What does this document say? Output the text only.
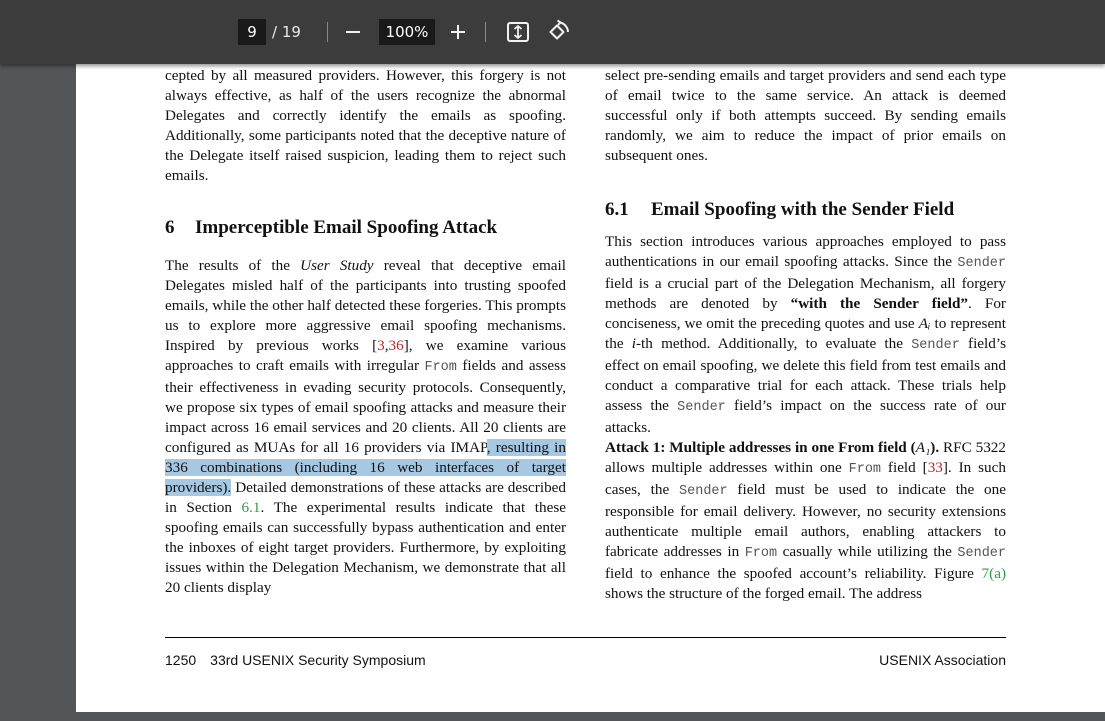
9	/ 19	100%

cepted by all measured providers. However, this forgery is not always effective, as half of the users recognize the abnormal Delegates and correctly identify the emails as spoofing. Additionally, some participants noted that the deceptive nature of the Delegate itself raised suspicion, leading them to reject such emails.

6 Imperceptible Email Spoofing Attack

The results of the User Study reveal that deceptive email Delegates misled half of the participants into trusting spoofed emails, while the other half detected these forgeries. This prompts us to explore more aggressive email spoofing mechanisms. Inspired by previous works [3,36], we examine various approaches to craft emails with irregular From fields and assess their effectiveness in evading security protocols. Consequently, we propose six types of email spoofing attacks and measure their impact across 16 email services and 20 clients. All 20 clients are configured as MUAs for all 16 providers via IMAP, resulting in 336 combinations (including 16 web interfaces of target providers). Detailed demonstrations of these attacks are described in Section 6.1. The experimental results indicate that these spoofing emails can successfully bypass authentication and enter the inboxes of eight target providers. Furthermore, by exploiting issues within the Delegation Mechanism, we demonstrate that all 20 clients display

select pre-sending emails and target providers and send each type of email twice to the same service. An attack is deemed successful only if both attempts succeed. By sending emails randomly, we aim to reduce the impact of prior emails on subsequent ones.

6.1 Email Spoofing with the Sender Field

This section introduces various approaches employed to pass authentications in our email spoofing attacks. Since the Sender field is a crucial part of the Delegation Mechanism, all forgery methods are denoted by “with the Sender field”. For conciseness, we omit the preceding quotes and use Aᵢ to represent the i-th method. Additionally, to evaluate the Sender field’s effect on email spoofing, we delete this field from test emails and conduct a comparative trial for each attack. These trials help assess the Sender field’s impact on the success rate of our attacks.

Attack 1: Multiple addresses in one From field (A₁). RFC 5322 allows multiple addresses within one From field [33]. In such cases, the Sender field must be used to indicate the one responsible for email delivery. However, no security extensions authenticate multiple email authors, enabling attackers to fabricate addresses in From casually while utilizing the Sender field to enhance the spoofed account’s reliability. Figure 7(a) shows the structure of the forged email. The address

1250 33rd USENIX Security Symposium	USENIX Association
